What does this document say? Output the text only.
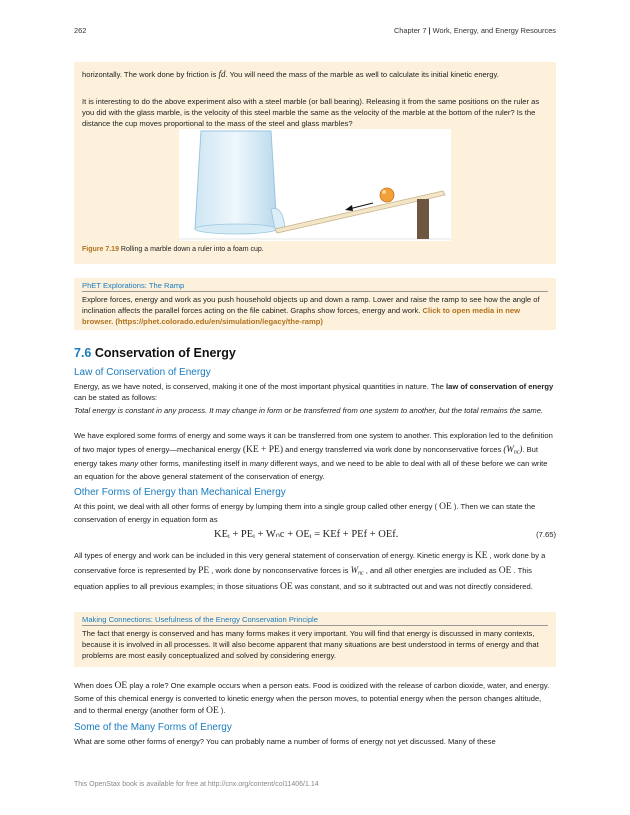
262	Chapter 7 | Work, Energy, and Energy Resources

horizontally. The work done by friction is fd. You will need the mass of the marble as well to calculate its initial kinetic energy.

It is interesting to do the above experiment also with a steel marble (or ball bearing). Releasing it from the same positions on the ruler as you did with the glass marble, is the velocity of this steel marble the same as the velocity of the marble at the bottom of the ruler? Is the distance the cup moves proportional to the mass of the steel and glass marbles?

Figure 7.19 Rolling a marble down a ruler into a foam cup.
PhET Explorations: The Ramp
Explore forces, energy and work as you push household objects up and down a ramp. Lower and raise the ramp to see how the angle of inclination affects the parallel forces acting on the file cabinet. Graphs show forces, energy and work. Click to open media in new browser. (https://phet.colorado.edu/en/simulation/legacy/the-ramp)
7.6 Conservation of Energy
Law of Conservation of Energy

Energy, as we have noted, is conserved, making it one of the most important physical quantities in nature. The law of conservation of energy can be stated as follows:

Total energy is constant in any process. It may change in form or be transferred from one system to another, but the total remains the same.

We have explored some forms of energy and some ways it can be transferred from one system to another. This exploration led to the definition of two major types of energy—mechanical energy (KE + PE) and energy transferred via work done by nonconservative forces $(W_{nc})$. But energy takes many other forms, manifesting itself in many different ways, and we need to be able to deal with all of these before we can write an equation for the above general statement of the conservation of energy.

Other Forms of Energy than Mechanical Energy

At this point, we deal with all other forms of energy by lumping them into a single group called other energy ( OE ). Then we can state the conservation of energy in equation form as

KEᵢ + PEᵢ + Wₙc + OEᵢ = KEf + PEf + OEf.	(7.65)

All types of energy and work can be included in this very general statement of conservation of energy. Kinetic energy is KE , work done by a conservative force is represented by PE , work done by nonconservative forces is $W_{nc}$ , and all other energies are included as OE . This equation applies to all previous examples; in those situations OE was constant, and so it subtracted out and was not directly considered.

Making Connections: Usefulness of the Energy Conservation Principle
The fact that energy is conserved and has many forms makes it very important. You will find that energy is discussed in many contexts, because it is involved in all processes. It will also become apparent that many situations are best understood in terms of energy and that problems are most easily conceptualized and solved by considering energy.

When does OE play a role? One example occurs when a person eats. Food is oxidized with the release of carbon dioxide, water, and energy. Some of this chemical energy is converted to kinetic energy when the person moves, to potential energy when the person changes altitude, and to thermal energy (another form of OE ).

Some of the Many Forms of Energy
What are some other forms of energy? You can probably name a number of forms of energy not yet discussed. Many of these
This OpenStax book is available for free at http://cnx.org/content/col11406/1.14
